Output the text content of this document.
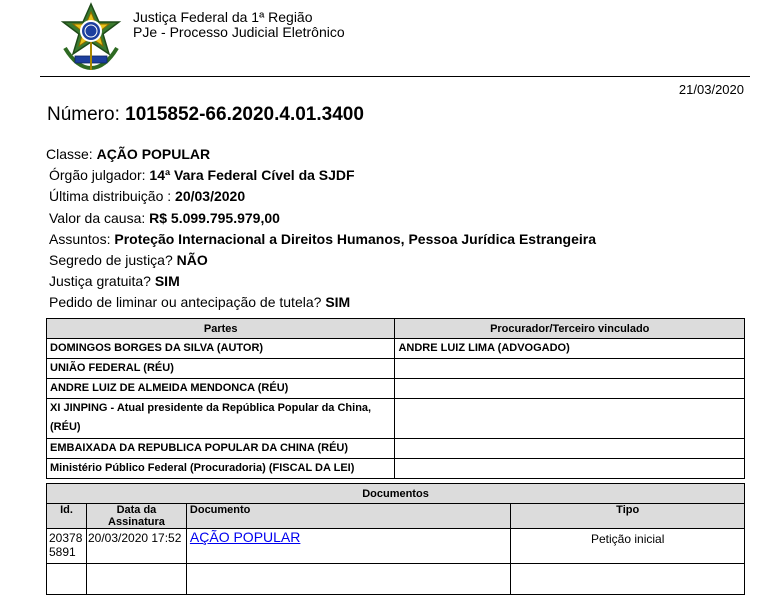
Justiça Federal da 1ª Região
PJe - Processo Judicial Eletrônico
21/03/2020
Número: 1015852-66.2020.4.01.3400
Classe: AÇÃO POPULAR
Órgão julgador: 14ª Vara Federal Cível da SJDF
Última distribuição : 20/03/2020
Valor da causa: R$ 5.099.795.979,00
Assuntos: Proteção Internacional a Direitos Humanos, Pessoa Jurídica Estrangeira
Segredo de justiça? NÃO
Justiça gratuita? SIM
Pedido de liminar ou antecipação de tutela? SIM
Partes	Procurador/Terceiro vinculado
DOMINGOS BORGES DA SILVA (AUTOR)	ANDRE LUIZ LIMA (ADVOGADO)
UNIÃO FEDERAL (RÉU)	
ANDRE LUIZ DE ALMEIDA MENDONCA (RÉU)	
XI JINPING - Atual presidente da República Popular da China, (RÉU)	
EMBAIXADA DA REPUBLICA POPULAR DA CHINA (RÉU)	
Ministério Público Federal (Procuradoria) (FISCAL DA LEI)	
Documentos			
Id.	Data da Assinatura	Documento	Tipo
20378 5891	20/03/2020 17:52	AÇÃO POPULAR	Petição inicial
